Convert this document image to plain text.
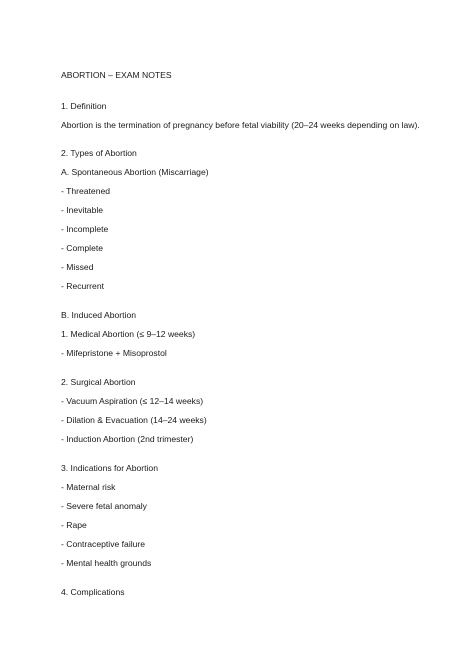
ABORTION – EXAM NOTES

1. Definition

Abortion is the termination of pregnancy before fetal viability (20–24 weeks depending on law).

2. Types of Abortion

A. Spontaneous Abortion (Miscarriage)

- Threatened

- Inevitable

- Incomplete

- Complete

- Missed

- Recurrent

B. Induced Abortion

1. Medical Abortion (≤ 9–12 weeks)

- Mifepristone + Misoprostol

2. Surgical Abortion

- Vacuum Aspiration (≤ 12–14 weeks)

- Dilation & Evacuation (14–24 weeks)

- Induction Abortion (2nd trimester)

3. Indications for Abortion

- Maternal risk

- Severe fetal anomaly

- Rape

- Contraceptive failure

- Mental health grounds

4. Complications
